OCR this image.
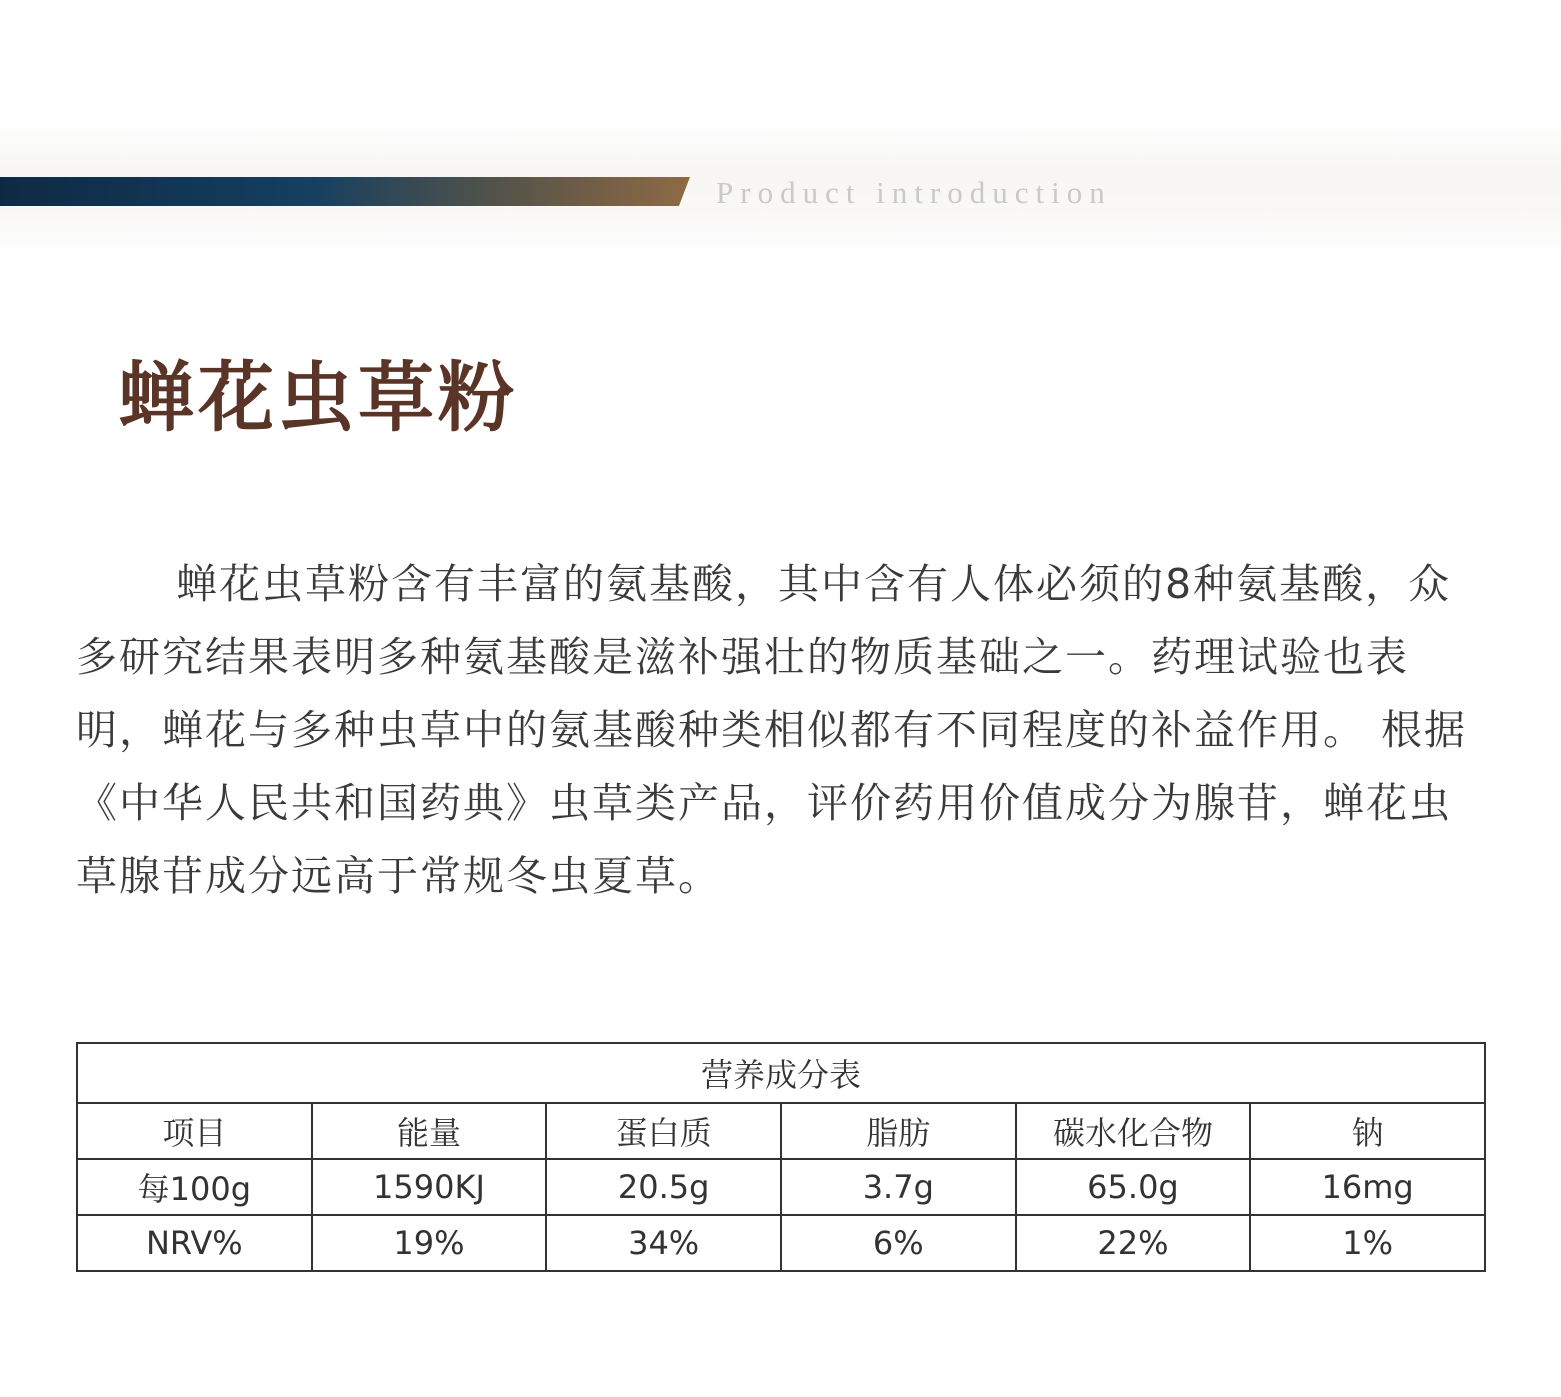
Product introduction
蝉花虫草粉

蝉花虫草粉含有丰富的氨基酸，其中含有人体必须的8种氨基酸，众多研究结果表明多种氨基酸是滋补强壮的物质基础之一。药理试验也表明，蝉花与多种虫草中的氨基酸种类相似都有不同程度的补益作用。 根据《中华人民共和国药典》虫草类产品，评价药用价值成分为腺苷，蝉花虫草腺苷成分远高于常规冬虫夏草。

营养成分表					
项目	能量	蛋白质	脂肪	碳水化合物	钠
每100g	1590KJ	20.5g	3.7g	65.0g	16mg
NRV%	19%	34%	6%	22%	1%
